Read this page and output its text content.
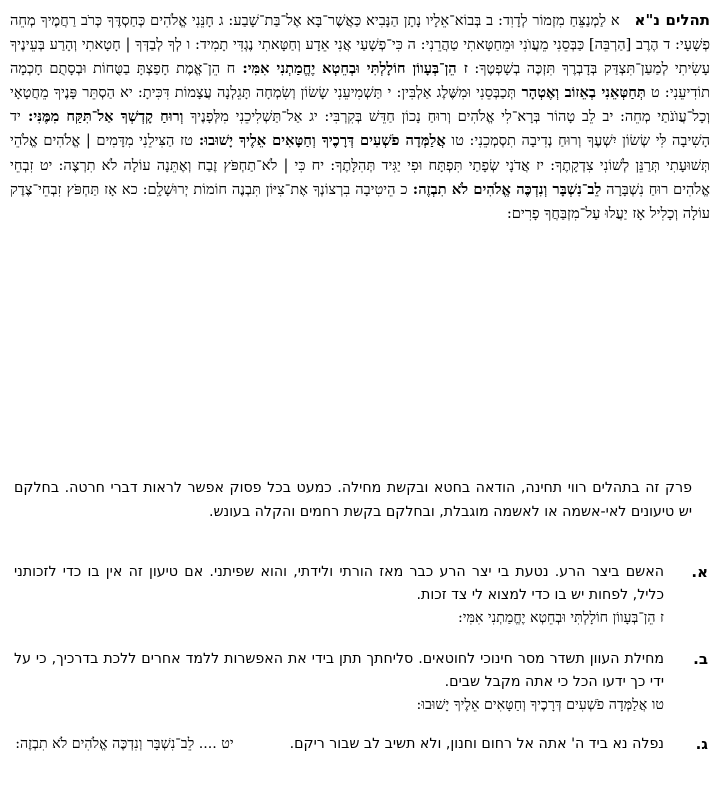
תהלים נ"א א לַמְנַצֵּחַ מִזְמוֹר לְדָוִד: ב בְּבוֹא־אֵלָיו נָתָן הַנָּבִיא כַּאֲשֶׁר־בָּא אֶל־בַּת־שָׁבַע: ג חָנֵּנִי אֱלֹהִים כְּחַסְדֶּךָ כְּרֹב רַחֲמֶיךָ מְחֵה פְשָׁעָי: ד הֶרֶב [הַרְבֵּה] כַּבְּסֵנִי מֵעֲוֺנִי וּמֵחַטָּאתִי טַהֲרֵנִי: ה כִּי־פְשָׁעַי אֲנִי אֵדָע וְחַטָּאתִי נֶגְדִּי תָמִיד: ו לְךָ לְבַדְּךָ | חָטָאתִי וְהָרַע בְּעֵינֶיךָ עָשִׂיתִי לְמַעַן־תִּצְדַּק בְּדָבְרֶךָ תִּזְכֶּה בְשָׁפְטֶךָ: ז הֵן־בְּעָווֹן חוֹלָלְתִּי וּבְחֵטְא יֶחֱמַתְנִי אִמִּי: ח הֵן־אֱמֶת חָפַצְתָּ בַטֻּחוֹת וּבְסָתֻם חָכְמָה תוֹדִיעֵנִי: ט תְּחַטְּאֵנִי בְאֵזוֹב וְאֶטְהָר תְּכַבְּסֵנִי וּמִשֶּׁלֶג אַלְבִּין: י תַּשְׁמִיעֵנִי שָׂשׂוֹן וְשִׂמְחָה תָּגֵלְנָה עֲצָמוֹת דִּכִּיתָ: יא הַסְתֵּר פָּנֶיךָ מֵחֲטָאָי וְכָל־עֲוֺנֹתַי מְחֵה: יב לֵב טָהוֹר בְּרָא־לִי אֱלֹהִים וְרוּחַ נָכוֹן חַדֵּשׁ בְּקִרְבִּי: יג אַל־תַּשְׁלִיכֵנִי מִלְּפָנֶיךָ וְרוּחַ קָדְשְׁךָ אַל־תִּקַּח מִמֶּנִּי: יד הָשִׁיבָה לִּי שְׂשׂוֹן יִשְׁעֶךָ וְרוּחַ נְדִיבָה תִסְמְכֵנִי: טו אֲלַמְּדָה פֹשְׁעִים דְּרָכֶיךָ וְחַטָּאִים אֵלֶיךָ יָשׁוּבוּ: טז הַצִּילֵנִי מִדָּמִים | אֱלֹהִים אֱלֹהֵי תְּשׁוּעָתִי תְּרַנֵּן לְשׁוֹנִי צִדְקָתֶךָ: יז אֲדֹנָי שְׂפָתַי תִּפְתָּח וּפִי יַגִּיד תְּהִלָּתֶךָ: יח כִּי | לֹא־תַחְפֹּץ זֶבַח וְאֶתֵּנָה עוֹלָה לֹא תִרְצֶה: יט זִבְחֵי אֱלֹהִים רוּחַ נִשְׁבָּרָה לֵב־נִשְׁבָּר וְנִדְכֶּה אֱלֹהִים לֹא תִבְזֶה: כ הֵיטִיבָה בִרְצוֹנְךָ אֶת־צִיּוֹן תִּבְנֶה חוֹמוֹת יְרוּשָׁלִָם: כא אָז תַּחְפֹּץ זִבְחֵי־צֶדֶק עוֹלָה וְכָלִיל אָז יַעֲלוּ עַל־מִזְבַּחֲךָ פָרִים:
פרק זה בתהלים רווי תחינה, הודאה בחטא ובקשת מחילה. כמעט בכל פסוק אפשר לראות דברי חרטה. בחלקם יש טיעונים לאי-אשמה או לאשמה מוגבלת, ובחלקם בקשת רחמים והקלה בעונש.
א.
האשם ביצר הרע. נטעת בי יצר הרע כבר מאז הורתי ולידתי, והוא שפיתני. אם טיעון זה אין בו כדי לזכותני כליל, לפחות יש בו כדי למצוא לי צד זכות.
ז הֵן־בְּעָווֹן חוֹלָלְתִּי וּבְחֵטְא יֶחֱמַתְנִי אִמִּי:
ב.
מחילת העוון תשדר מסר חינוכי לחוטאים. סליחתך תתן בידי את האפשרות ללמד אחרים ללכת בדרכיך, כי על ידי כך ידעו הכל כי אתה מקבל שבים.
טו אֲלַמְּדָה פֹשְׁעִים דְּרָכֶיךָ וְחַטָּאִים אֵלֶיךָ יָשׁוּבוּ:
ג.
נפלה נא ביד ה' אתה אל רחום וחנון, ולא תשיב לב שבור ריקם.יט .... לֵב־נִשְׁבָּר וְנִדְכֶּה אֱלֹהִים לֹא תִבְזֶה:
